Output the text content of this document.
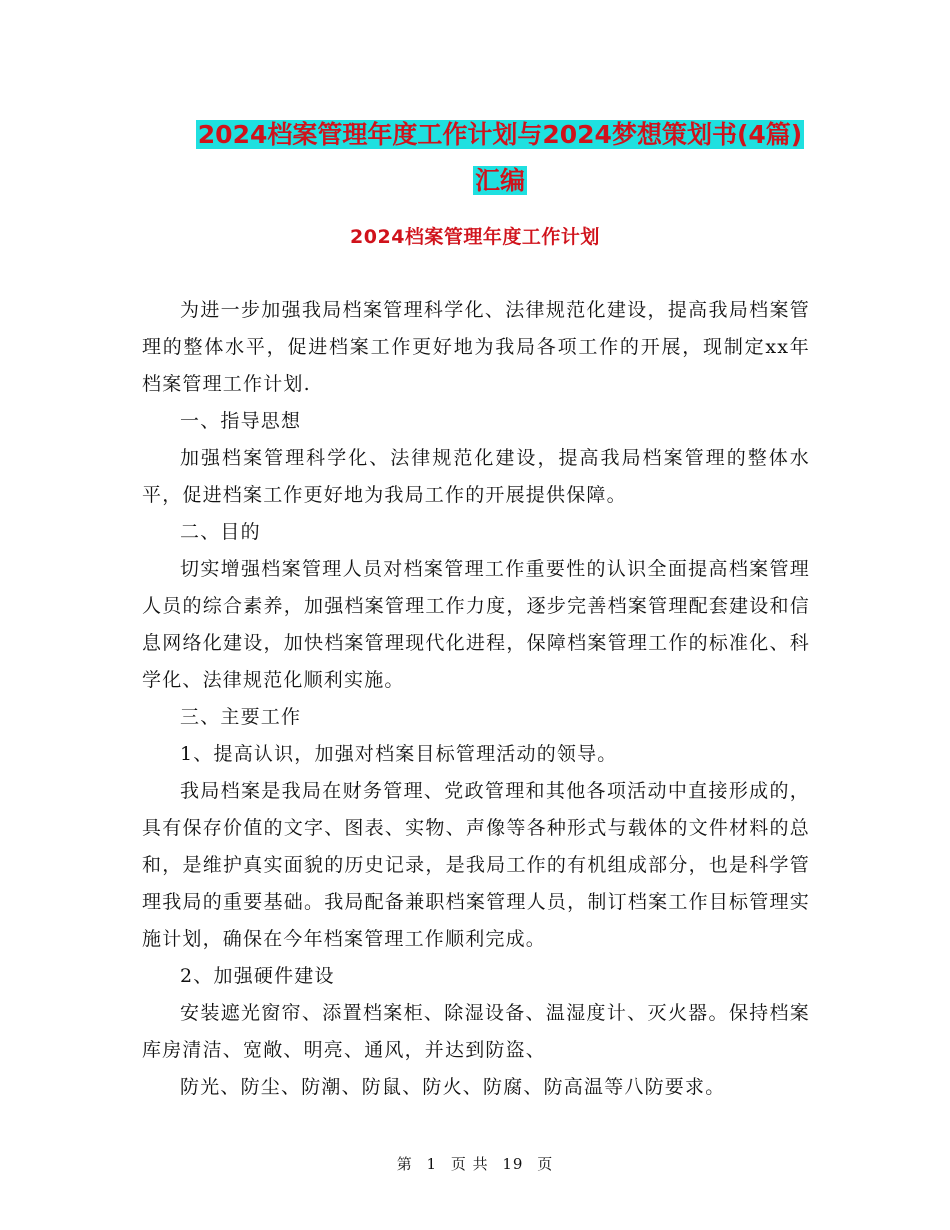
2024档案管理年度工作计划与2024梦想策划书(4篇)
汇编
2024档案管理年度工作计划

为进一步加强我局档案管理科学化、法律规范化建设，提高我局档案管理的整体水平，促进档案工作更好地为我局各项工作的开展，现制定xx年档案管理工作计划.

一、指导思想

加强档案管理科学化、法律规范化建设，提高我局档案管理的整体水平，促进档案工作更好地为我局工作的开展提供保障。

二、目的

切实增强档案管理人员对档案管理工作重要性的认识全面提高档案管理人员的综合素养，加强档案管理工作力度，逐步完善档案管理配套建设和信息网络化建设，加快档案管理现代化进程，保障档案管理工作的标准化、科学化、法律规范化顺利实施。

三、主要工作

1、提高认识，加强对档案目标管理活动的领导。

我局档案是我局在财务管理、党政管理和其他各项活动中直接形成的，具有保存价值的文字、图表、实物、声像等各种形式与载体的文件材料的总和，是维护真实面貌的历史记录，是我局工作的有机组成部分，也是科学管理我局的重要基础。我局配备兼职档案管理人员，制订档案工作目标管理实施计划，确保在今年档案管理工作顺利完成。

2、加强硬件建设

安装遮光窗帘、添置档案柜、除湿设备、温湿度计、灭火器。保持档案库房清洁、宽敞、明亮、通风，并达到防盗、

防光、防尘、防潮、防鼠、防火、防腐、防高温等八防要求。

第 1 页 共 19 页
